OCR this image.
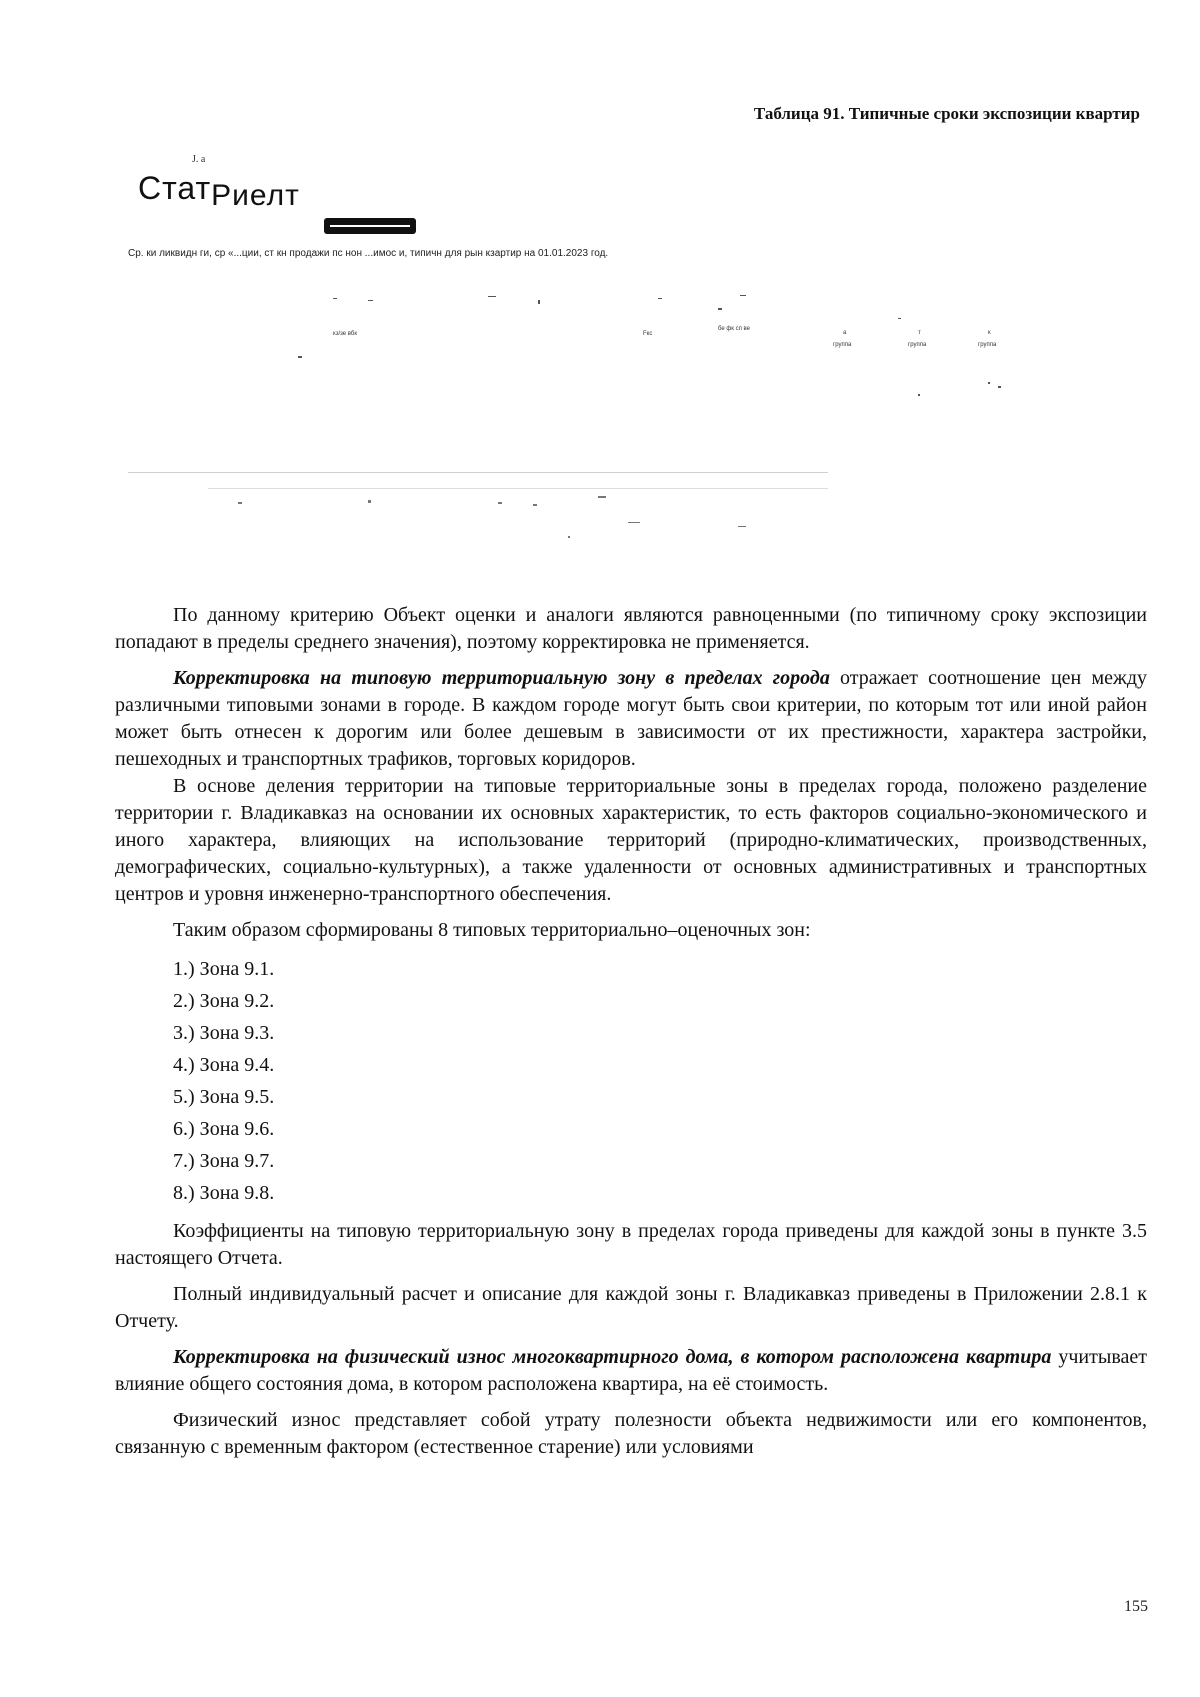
Таблица 91. Типичные сроки экспозиции квартир

Ј. а
СтатРиелт
Ср. ки ликвидн ги, ср «...ции, ст кн продажи пс нон ...имос и, типичн для рын кзартир на 01.01.2023 год.
кз/зе вбк	Fкс
бе фк сп ве
а	т	к
группа	группа	группа

По данному критерию Объект оценки и аналоги являются равноценными (по типичному сроку экспозиции попадают в пределы среднего значения), поэтому корректировка не применяется.

Корректировка на типовую территориальную зону в пределах города отражает соотношение цен между различными типовыми зонами в городе. В каждом городе могут быть свои критерии, по которым тот или иной район может быть отнесен к дорогим или более дешевым в зависимости от их престижности, характера застройки, пешеходных и транспортных трафиков, торговых коридоров.

В основе деления территории на типовые территориальные зоны в пределах города, положено разделение территории г. Владикавказ на основании их основных характеристик, то есть факторов социально-экономического и иного характера, влияющих на использование территорий (природно-климатических, производственных, демографических, социально-культурных), а также удаленности от основных административных и транспортных центров и уровня инженерно-транспортного обеспечения.

Таким образом сформированы 8 типовых территориально–оценочных зон:

1.) Зона 9.1.
2.) Зона 9.2.
3.) Зона 9.3.
4.) Зона 9.4.
5.) Зона 9.5.
6.) Зона 9.6.
7.) Зона 9.7.
8.) Зона 9.8.

Коэффициенты на типовую территориальную зону в пределах города приведены для каждой зоны в пункте 3.5 настоящего Отчета.

Полный индивидуальный расчет и описание для каждой зоны г. Владикавказ приведены в Приложении 2.8.1 к Отчету.

Корректировка на физический износ многоквартирного дома, в котором расположена квартира учитывает влияние общего состояния дома, в котором расположена квартира, на её стоимость.

Физический износ представляет собой утрату полезности объекта недвижимости или его компонентов, связанную с временным фактором (естественное старение) или условиями

155
